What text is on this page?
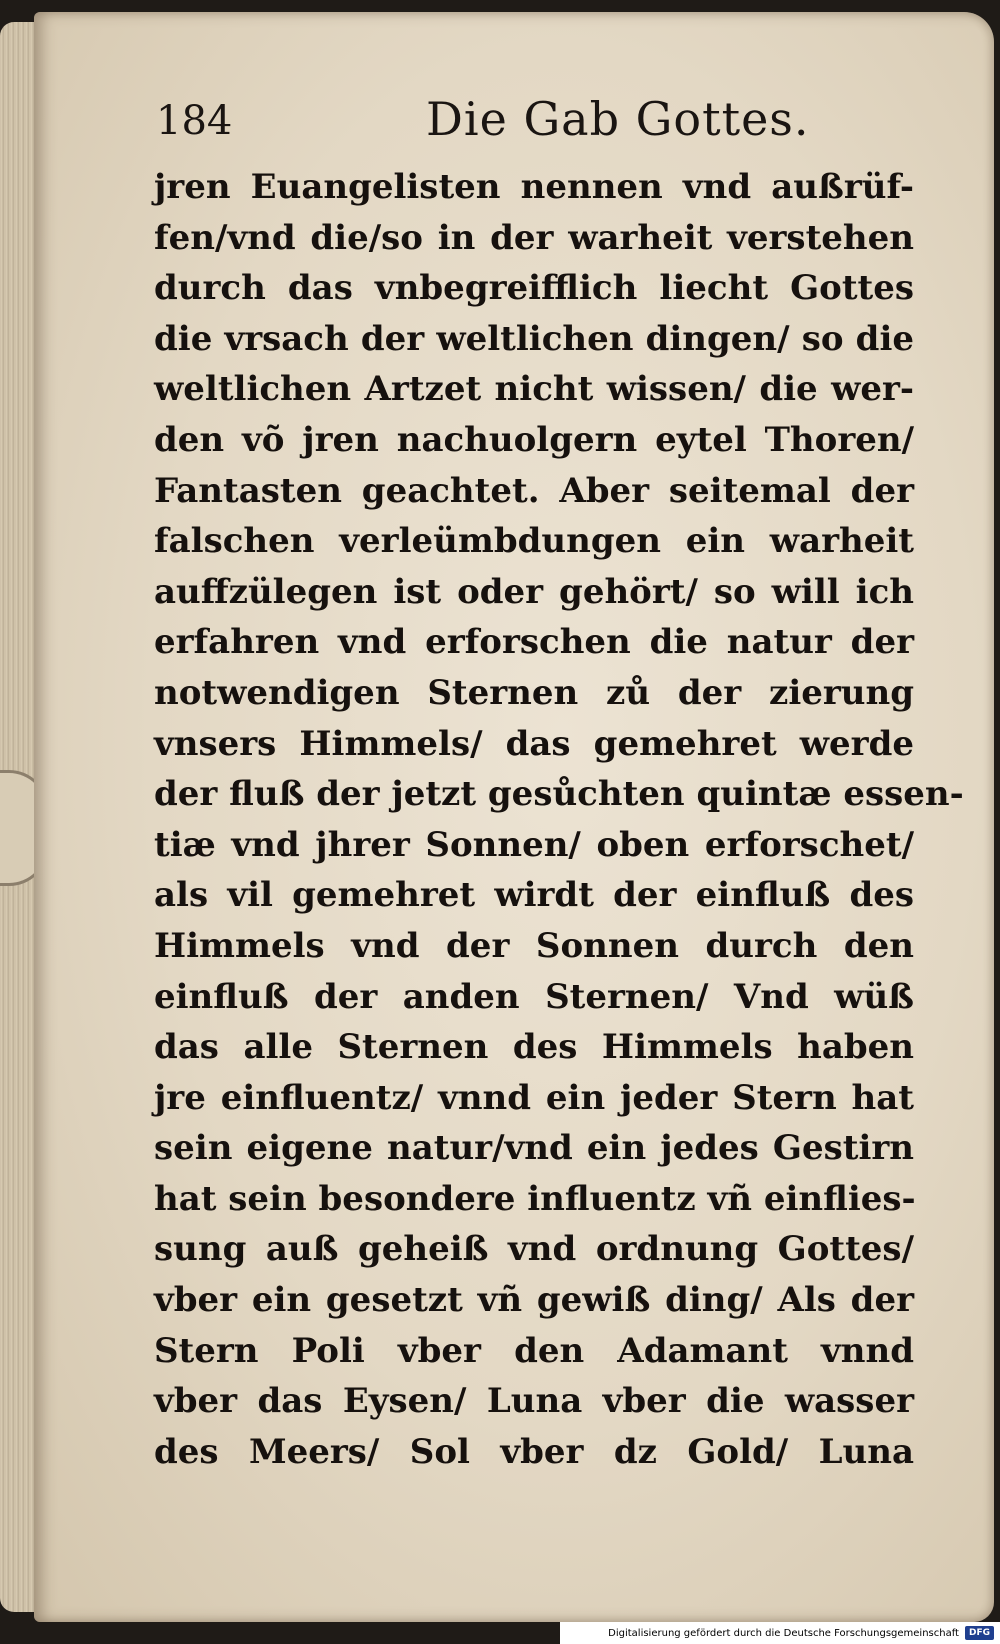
184	Die Gab Gottes.
jren Euangelisten nennen vnd außrüf-
fen/vnd die/so in der warheit verstehen
durch das vnbegreifflich liecht Gottes
die vrsach der weltlichen dingen/ so die
weltlichen Artzet nicht wissen/ die wer-
den võ jren nachuolgern eytel Thoren/
Fantasten geachtet. Aber seitemal der
falschen verleümbdungen ein warheit
auffzülegen ist oder gehört/ so will ich
erfahren vnd erforschen die natur der
notwendigen Sternen zů der zierung
vnsers Himmels/ das gemehret werde
der fluß der jetzt gesůchten quintæ essen-
tiæ vnd jhrer Sonnen/ oben erforschet/
als vil gemehret wirdt der einfluß des
Himmels vnd der Sonnen durch den
einfluß der anden Sternen/ Vnd wüß
das alle Sternen des Himmels haben
jre einfluentz/ vnnd ein jeder Stern hat
sein eigene natur/vnd ein jedes Gestirn
hat sein besondere influentz vñ einflies-
sung auß geheiß vnd ordnung Gottes/
vber ein gesetzt vñ gewiß ding/ Als der
Stern Poli vber den Adamant vnnd
vber das Eysen/ Luna vber die wasser
des Meers/ Sol vber dz Gold/ Luna
Digitalisierung gefördert durch die Deutsche Forschungsgemeinschaft	DFG
